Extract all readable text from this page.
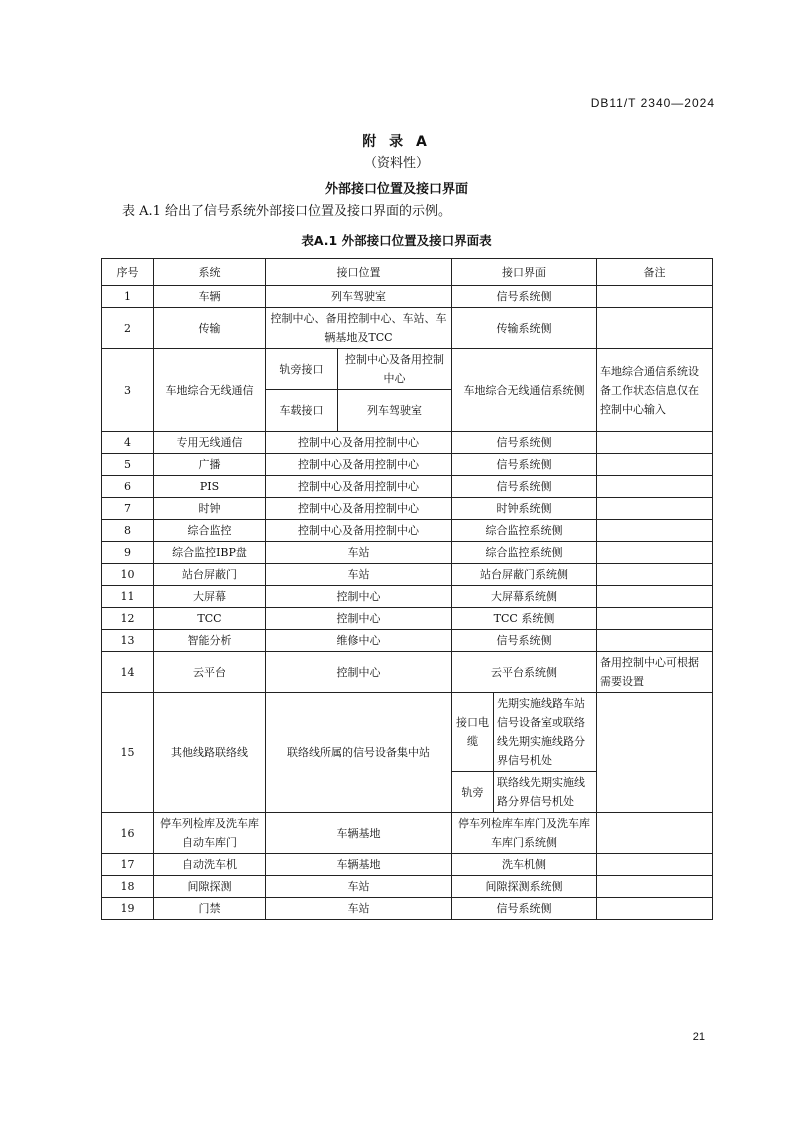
DB11/T 2340—2024
附 录 A
（资料性）
外部接口位置及接口界面
表 A.1 给出了信号系统外部接口位置及接口界面的示例。
表A.1 外部接口位置及接口界面表
序号	系统	接口位置		接口界面		备注
1	车辆	列车驾驶室		信号系统侧		
2	传输	控制中心、备用控制中心、车站、车辆基地及TCC		传输系统侧		
3	车地综合无线通信	轨旁接口	控制中心及备用控制中心	车地综合无线通信系统侧		车地综合通信系统设备工作状态信息仅在控制中心输入
		车载接口	列车驾驶室			
4	专用无线通信	控制中心及备用控制中心		信号系统侧		
5	广播	控制中心及备用控制中心		信号系统侧		
6	PIS	控制中心及备用控制中心		信号系统侧		
7	时钟	控制中心及备用控制中心		时钟系统侧		
8	综合监控	控制中心及备用控制中心		综合监控系统侧		
9	综合监控IBP盘	车站		综合监控系统侧		
10	站台屏蔽门	车站		站台屏蔽门系统侧		
11	大屏幕	控制中心		大屏幕系统侧		
12	TCC	控制中心		TCC 系统侧		
13	智能分析	维修中心		信号系统侧		
14	云平台	控制中心		云平台系统侧		备用控制中心可根据需要设置
15	其他线路联络线	联络线所属的信号设备集中站		接口电缆	先期实施线路车站信号设备室或联络线先期实施线路分界信号机处	
				轨旁	联络线先期实施线路分界信号机处	
16	停车列检库及洗车库自动车库门	车辆基地		停车列检库车库门及洗车库车库门系统侧		
17	自动洗车机	车辆基地		洗车机侧		
18	间隙探测	车站		间隙探测系统侧		
19	门禁	车站		信号系统侧		
21
